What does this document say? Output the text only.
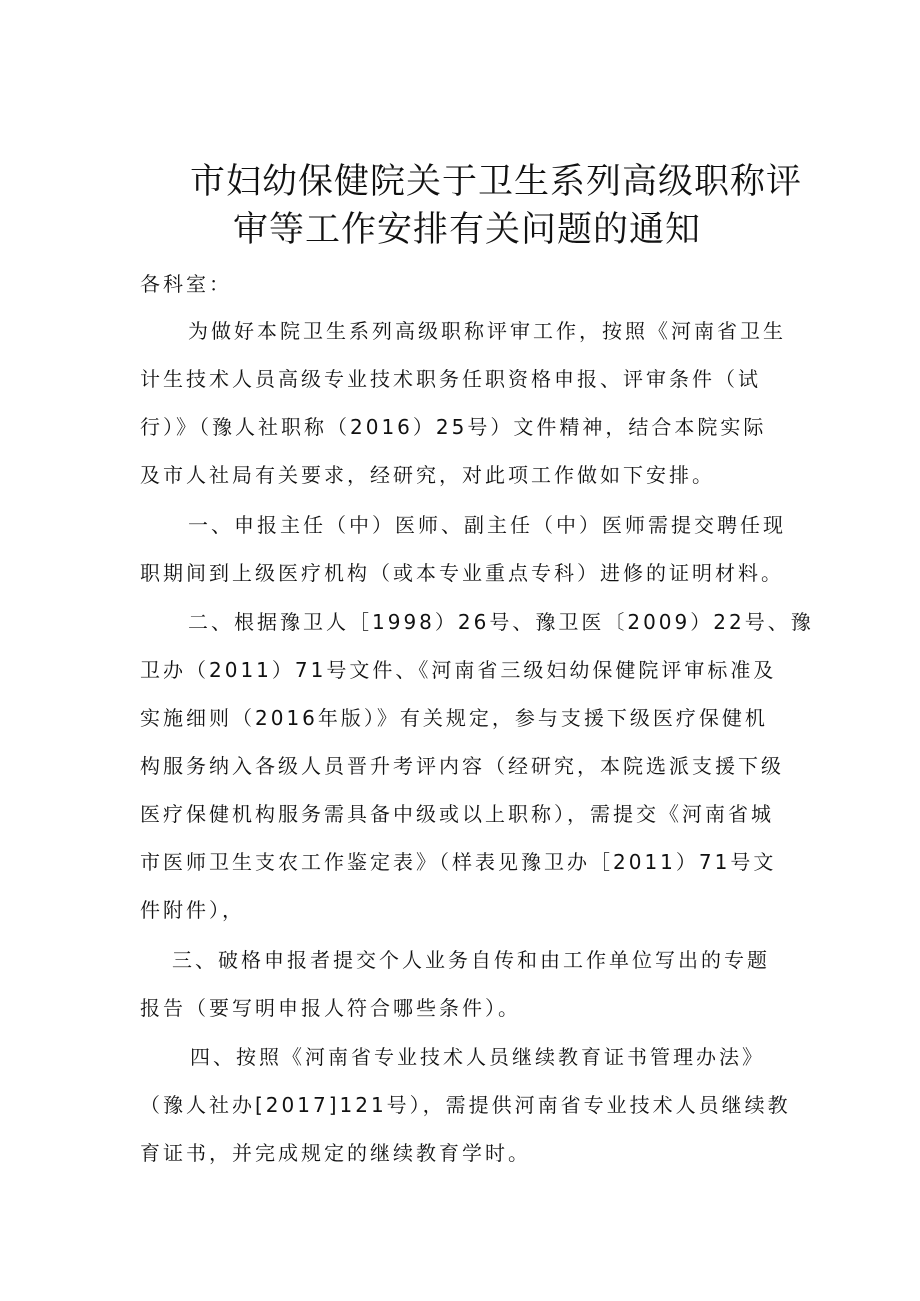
市妇幼保健院关于卫生系列高级职称评
审等工作安排有关问题的通知
各科室：
为做好本院卫生系列高级职称评审工作，按照《河南省卫生
计生技术人员高级专业技术职务任职资格申报、评审条件（试
行）》（豫人社职称（2016）25号）文件精神，结合本院实际
及市人社局有关要求，经研究，对此项工作做如下安排。
一、申报主任（中）医师、副主任（中）医师需提交聘任现
职期间到上级医疗机构（或本专业重点专科）进修的证明材料。
二、根据豫卫人［1998）26号、豫卫医〔2009）22号、豫
卫办（2011）71号文件、《河南省三级妇幼保健院评审标准及
实施细则（2016年版）》有关规定，参与支援下级医疗保健机
构服务纳入各级人员晋升考评内容（经研究，本院选派支援下级
医疗保健机构服务需具备中级或以上职称），需提交《河南省城
市医师卫生支农工作鉴定表》（样表见豫卫办［2011）71号文
件附件），
三、破格申报者提交个人业务自传和由工作单位写出的专题
报告（要写明申报人符合哪些条件）。
四、按照《河南省专业技术人员继续教育证书管理办法》
（豫人社办[2017]121号），需提供河南省专业技术人员继续教
育证书，并完成规定的继续教育学时。
